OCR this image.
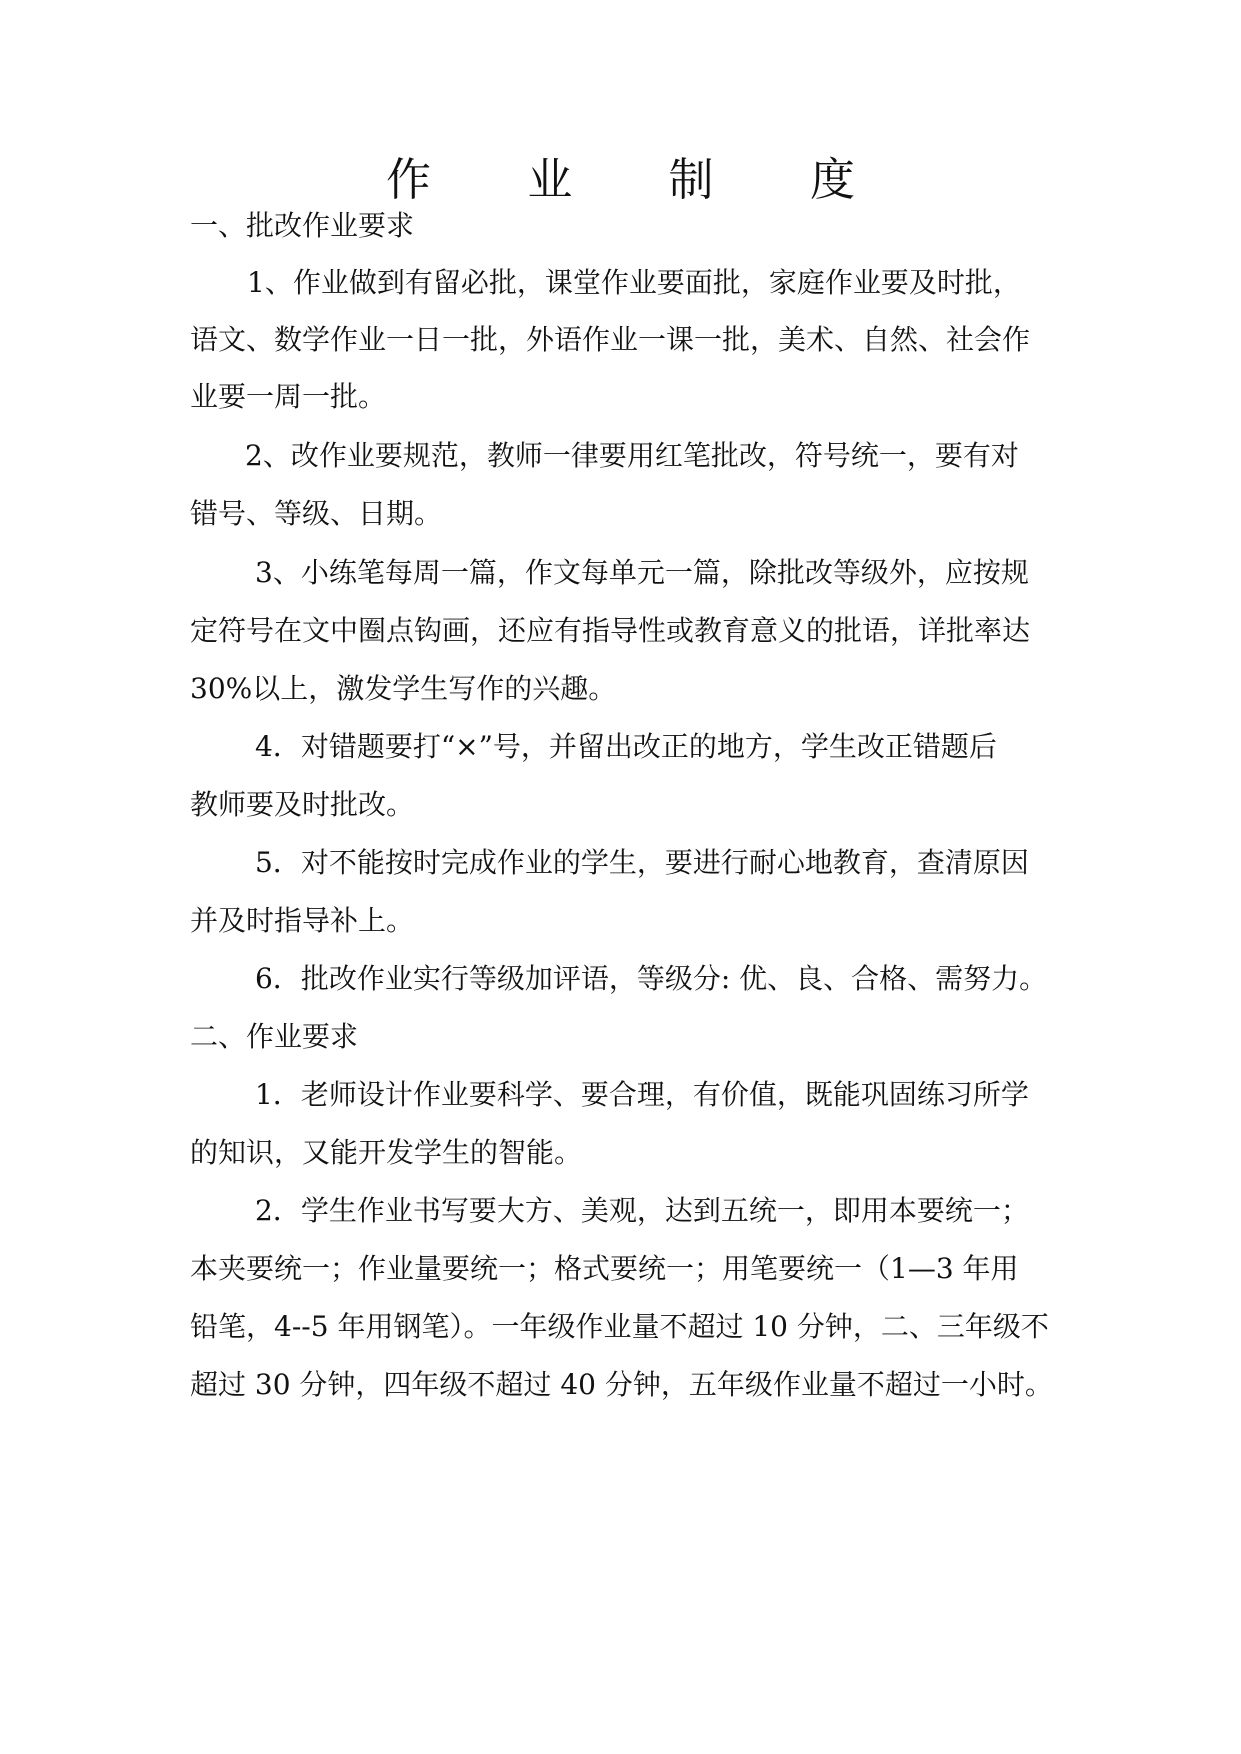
作 业 制 度
一、批改作业要求
1、作业做到有留必批，课堂作业要面批，家庭作业要及时批，
语文、数学作业一日一批，外语作业一课一批，美术、自然、社会作
业要一周一批。
2、改作业要规范，教师一律要用红笔批改，符号统一，要有对
错号、等级、日期。
3、小练笔每周一篇，作文每单元一篇，除批改等级外，应按规
定符号在文中圈点钩画，还应有指导性或教育意义的批语，详批率达
30%以上，激发学生写作的兴趣。
4．对错题要打“×”号，并留出改正的地方，学生改正错题后
教师要及时批改。
5．对不能按时完成作业的学生，要进行耐心地教育，查清原因
并及时指导补上。
6．批改作业实行等级加评语，等级分: 优、良、合格、需努力。
二、作业要求
1．老师设计作业要科学、要合理，有价值，既能巩固练习所学
的知识，又能开发学生的智能。
2．学生作业书写要大方、美观，达到五统一，即用本要统一；
本夹要统一；作业量要统一；格式要统一；用笔要统一（1—3 年用
铅笔，4--5 年用钢笔）。一年级作业量不超过 10 分钟，二、三年级不
超过 30 分钟，四年级不超过 40 分钟，五年级作业量不超过一小时。
